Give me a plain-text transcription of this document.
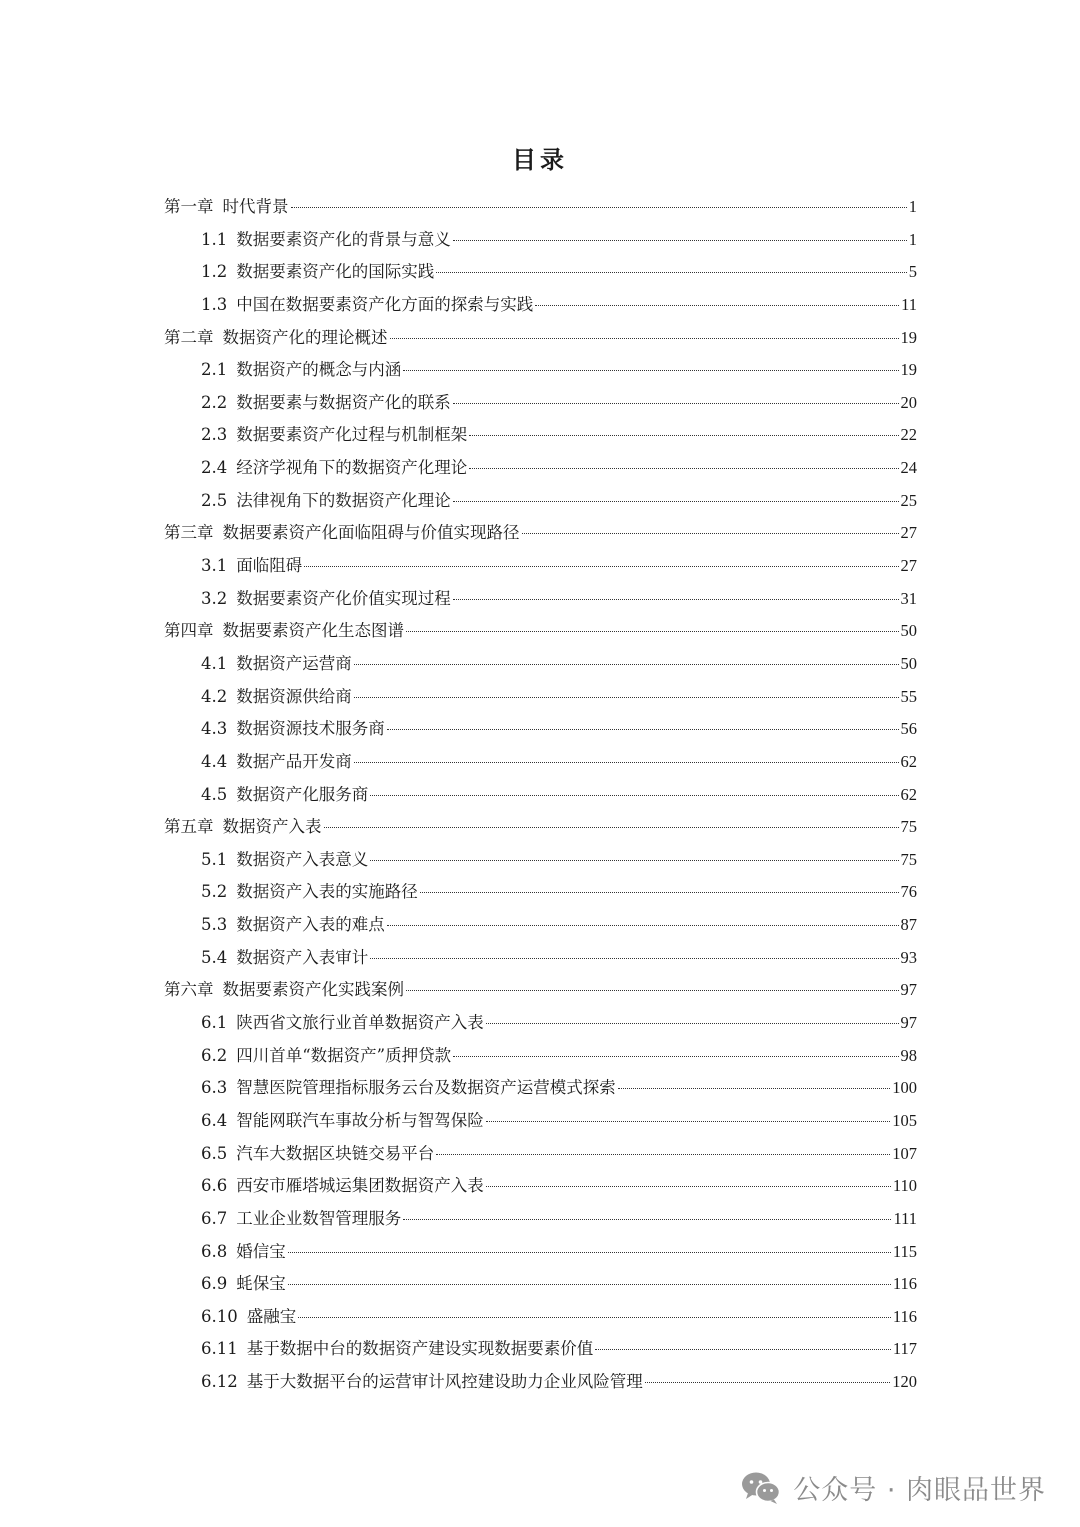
目录
第一章 时代背景	1
1.1 数据要素资产化的背景与意义	1
1.2 数据要素资产化的国际实践	5
1.3 中国在数据要素资产化方面的探索与实践	11
第二章 数据资产化的理论概述	19
2.1 数据资产的概念与内涵	19
2.2 数据要素与数据资产化的联系	20
2.3 数据要素资产化过程与机制框架	22
2.4 经济学视角下的数据资产化理论	24
2.5 法律视角下的数据资产化理论	25
第三章 数据要素资产化面临阻碍与价值实现路径	27
3.1 面临阻碍	27
3.2 数据要素资产化价值实现过程	31
第四章 数据要素资产化生态图谱	50
4.1 数据资产运营商	50
4.2 数据资源供给商	55
4.3 数据资源技术服务商	56
4.4 数据产品开发商	62
4.5 数据资产化服务商	62
第五章 数据资产入表	75
5.1 数据资产入表意义	75
5.2 数据资产入表的实施路径	76
5.3 数据资产入表的难点	87
5.4 数据资产入表审计	93
第六章 数据要素资产化实践案例	97
6.1 陕西省文旅行业首单数据资产入表	97
6.2 四川首单“数据资产”质押贷款	98
6.3 智慧医院管理指标服务云台及数据资产运营模式探索	100
6.4 智能网联汽车事故分析与智驾保险	105
6.5 汽车大数据区块链交易平台	107
6.6 西安市雁塔城运集团数据资产入表	110
6.7 工业企业数智管理服务	111
6.8 婚信宝	115
6.9 蚝保宝	116
6.10 盛融宝	116
6.11 基于数据中台的数据资产建设实现数据要素价值	117
6.12 基于大数据平台的运营审计风控建设助力企业风险管理	120
公众号 · 肉眼品世界
